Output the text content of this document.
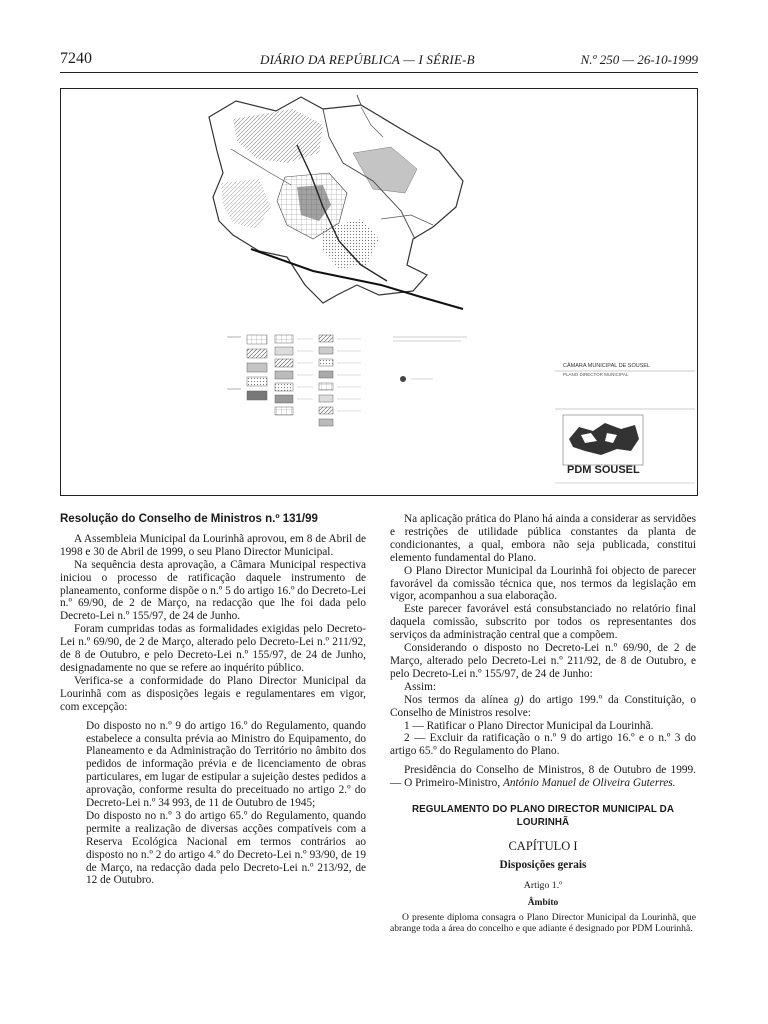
7240	DIÁRIO DA REPÚBLICA — I SÉRIE-B	N.º 250 — 26-10-1999
CÂMARA MUNICIPAL DE SOUSEL
PLANO DIRECTOR MUNICIPAL
PDM SOUSEL
Resolução do Conselho de Ministros n.º 131/99

A Assembleia Municipal da Lourinhã aprovou, em 8 de Abril de 1998 e 30 de Abril de 1999, o seu Plano Director Municipal.

Na sequência desta aprovação, a Câmara Municipal respectiva iniciou o processo de ratificação daquele instrumento de planeamento, conforme dispõe o n.º 5 do artigo 16.º do Decreto-Lei n.º 69/90, de 2 de Março, na redacção que lhe foi dada pelo Decreto-Lei n.º 155/97, de 24 de Junho.

Foram cumpridas todas as formalidades exigidas pelo Decreto-Lei n.º 69/90, de 2 de Março, alterado pelo Decreto-Lei n.º 211/92, de 8 de Outubro, e pelo Decreto-Lei n.º 155/97, de 24 de Junho, designadamente no que se refere ao inquérito público.

Verifica-se a conformidade do Plano Director Municipal da Lourinhã com as disposições legais e regulamentares em vigor, com excepção:

Do disposto no n.º 9 do artigo 16.º do Regulamento, quando estabelece a consulta prévia ao Ministro do Equipamento, do Planeamento e da Administração do Território no âmbito dos pedidos de informação prévia e de licenciamento de obras particulares, em lugar de estipular a sujeição destes pedidos a aprovação, conforme resulta do preceituado no artigo 2.º do Decreto-Lei n.º 34 993, de 11 de Outubro de 1945;

Do disposto no n.º 3 do artigo 65.º do Regulamento, quando permite a realização de diversas acções compatíveis com a Reserva Ecológica Nacional em termos contrários ao disposto no n.º 2 do artigo 4.º do Decreto-Lei n.º 93/90, de 19 de Março, na redacção dada pelo Decreto-Lei n.º 213/92, de 12 de Outubro.

Na aplicação prática do Plano há ainda a considerar as servidões e restrições de utilidade pública constantes da planta de condicionantes, a qual, embora não seja publicada, constitui elemento fundamental do Plano.

O Plano Director Municipal da Lourinhã foi objecto de parecer favorável da comissão técnica que, nos termos da legislação em vigor, acompanhou a sua elaboração.

Este parecer favorável está consubstanciado no relatório final daquela comissão, subscrito por todos os representantes dos serviços da administração central que a compõem.

Considerando o disposto no Decreto-Lei n.º 69/90, de 2 de Março, alterado pelo Decreto-Lei n.º 211/92, de 8 de Outubro, e pelo Decreto-Lei n.º 155/97, de 24 de Junho:

Assim:

Nos termos da alínea g) do artigo 199.º da Constituição, o Conselho de Ministros resolve:

1 — Ratificar o Plano Director Municipal da Lourinhã.

2 — Excluir da ratificação o n.º 9 do artigo 16.º e o n.º 3 do artigo 65.º do Regulamento do Plano.

Presidência do Conselho de Ministros, 8 de Outubro de 1999. — O Primeiro-Ministro, António Manuel de Oliveira Guterres.

REGULAMENTO DO PLANO DIRECTOR MUNICIPAL DA LOURINHÃ
CAPÍTULO I
Disposições gerais
Artigo 1.º
Âmbito

O presente diploma consagra o Plano Director Municipal da Lourinhã, que abrange toda a área do concelho e que adiante é designado por PDM Lourinhã.
